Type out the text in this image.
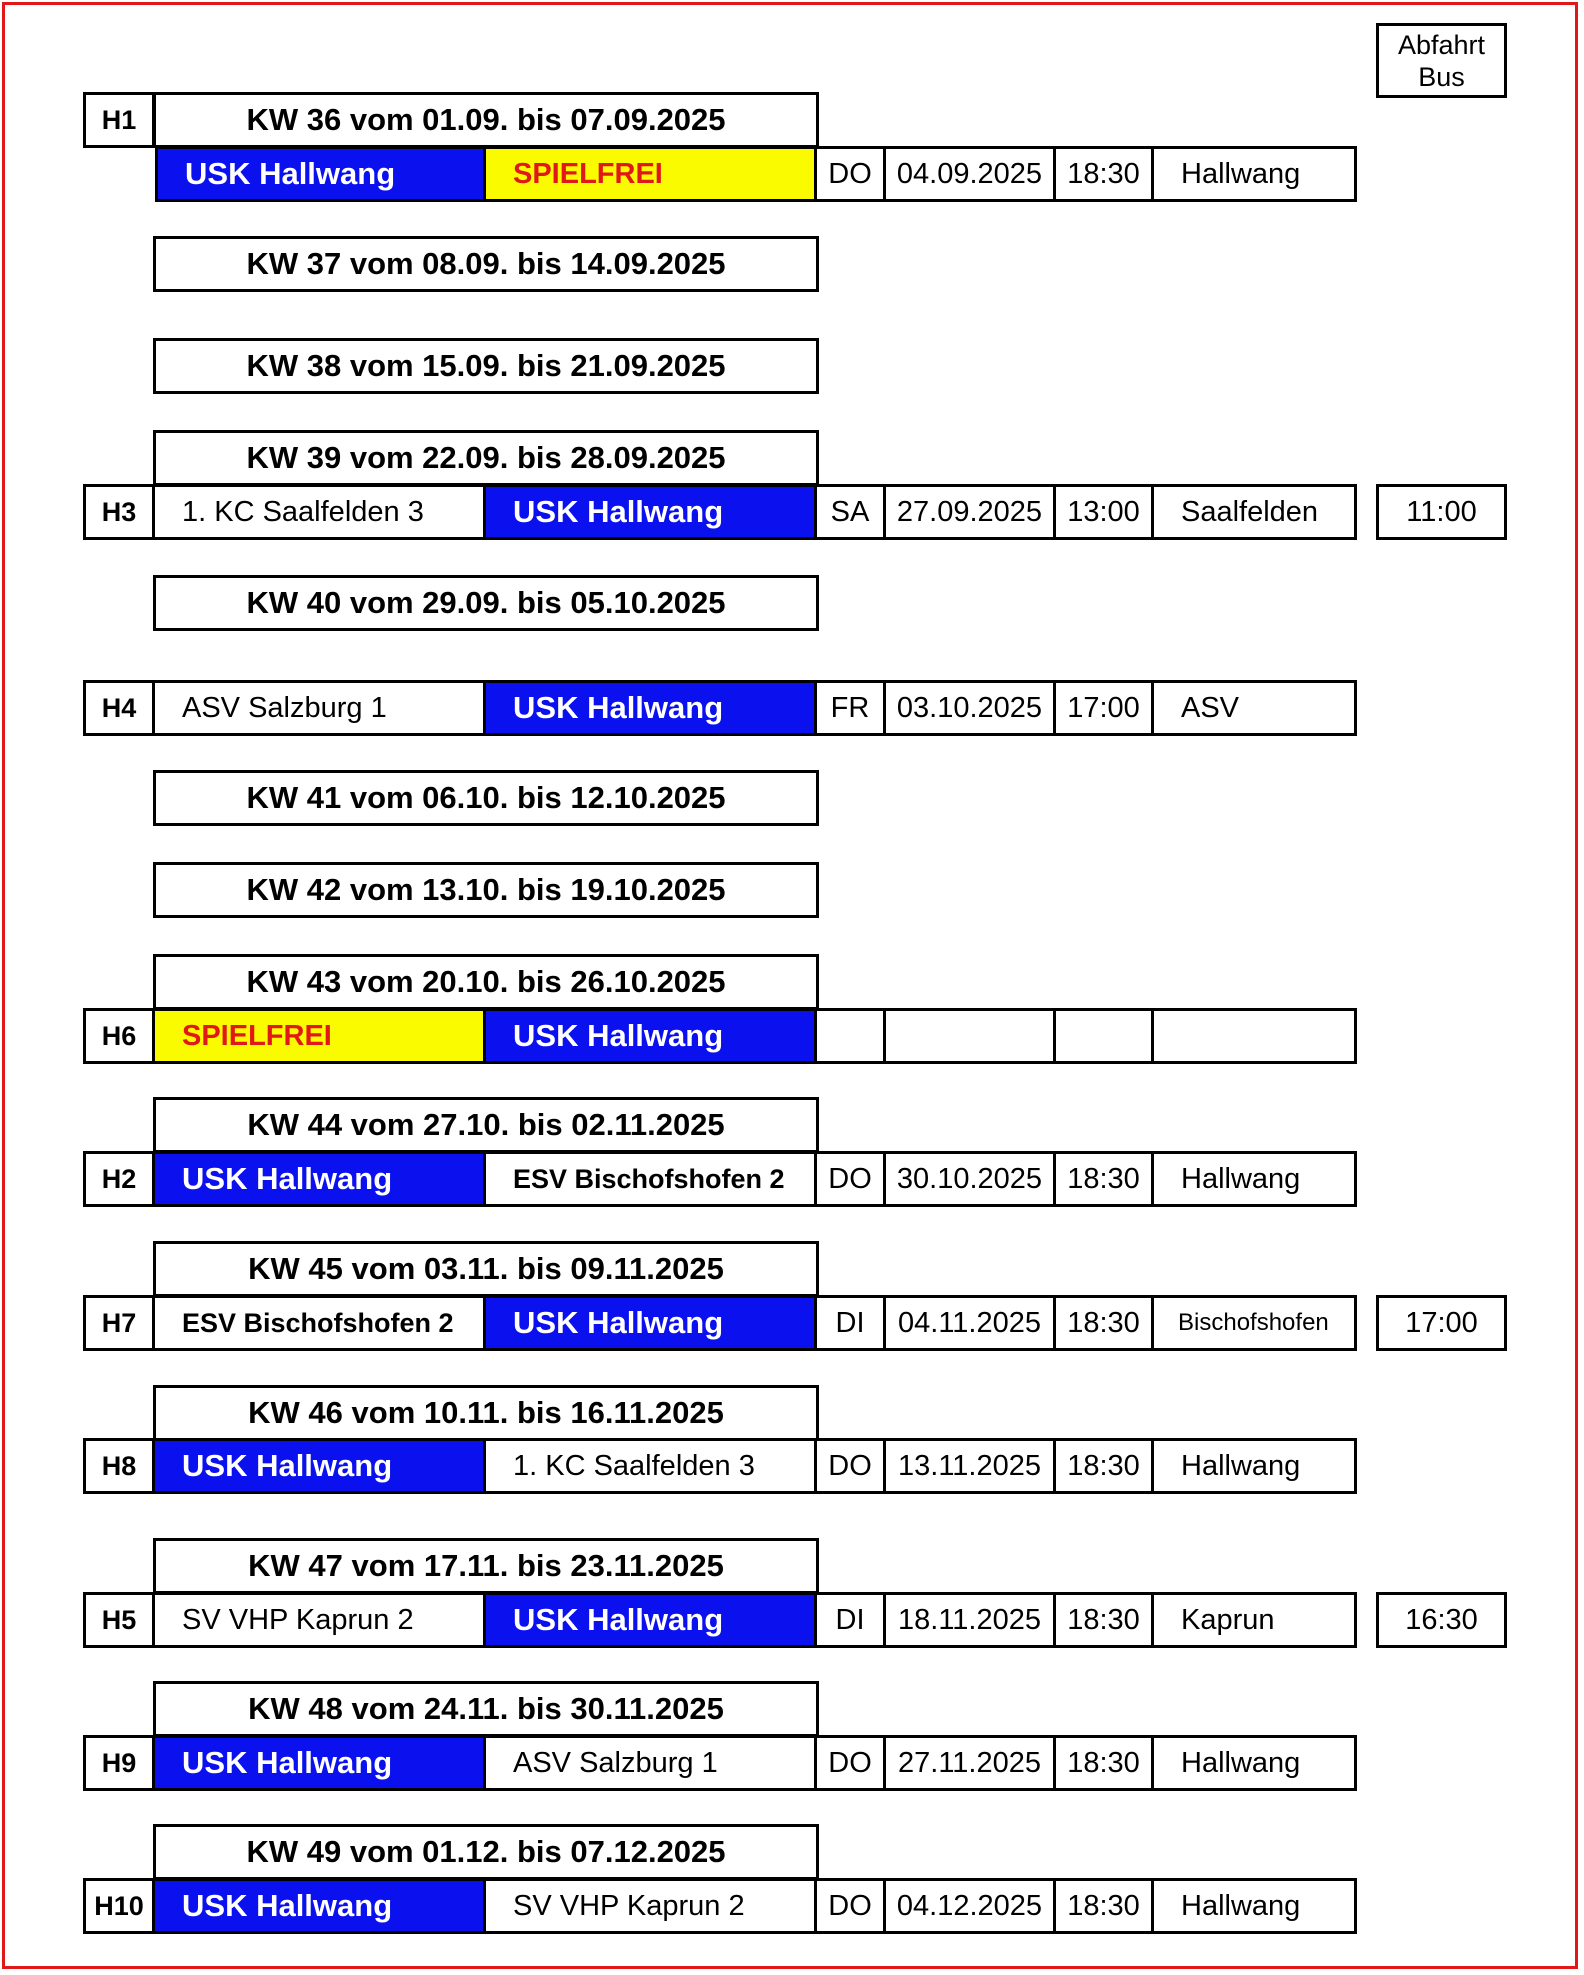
Abfahrt
Bus
H1	KW 36 vom 01.09. bis 07.09.2025
USK Hallwang	SPIELFREI	DO 04.09.2025 18:30	Hallwang
KW 37 vom 08.09. bis 14.09.2025
KW 38 vom 15.09. bis 21.09.2025
KW 39 vom 22.09. bis 28.09.2025
H3	1. KC Saalfelden 3	USK Hallwang	SA 27.09.2025 13:00	Saalfelden	11:00
KW 40 vom 29.09. bis 05.10.2025
H4	ASV Salzburg 1	USK Hallwang	FR 03.10.2025 17:00	ASV
KW 41 vom 06.10. bis 12.10.2025
KW 42 vom 13.10. bis 19.10.2025
KW 43 vom 20.10. bis 26.10.2025
H6	SPIELFREI	USK Hallwang
KW 44 vom 27.10. bis 02.11.2025
H2	USK Hallwang	ESV Bischofshofen 2	DO 30.10.2025 18:30	Hallwang
KW 45 vom 03.11. bis 09.11.2025
H7	ESV Bischofshofen 2	USK Hallwang	DI	04.11.2025 18:30	Bischofshofen	17:00
KW 46 vom 10.11. bis 16.11.2025
H8	USK Hallwang	1. KC Saalfelden 3	DO 13.11.2025 18:30	Hallwang
KW 47 vom 17.11. bis 23.11.2025
H5	SV VHP Kaprun 2	USK Hallwang	DI	18.11.2025 18:30	Kaprun	16:30
KW 48 vom 24.11. bis 30.11.2025
H9	USK Hallwang	ASV Salzburg 1	DO 27.11.2025 18:30	Hallwang
KW 49 vom 01.12. bis 07.12.2025
H10	USK Hallwang	SV VHP Kaprun 2	DO 04.12.2025 18:30	Hallwang
